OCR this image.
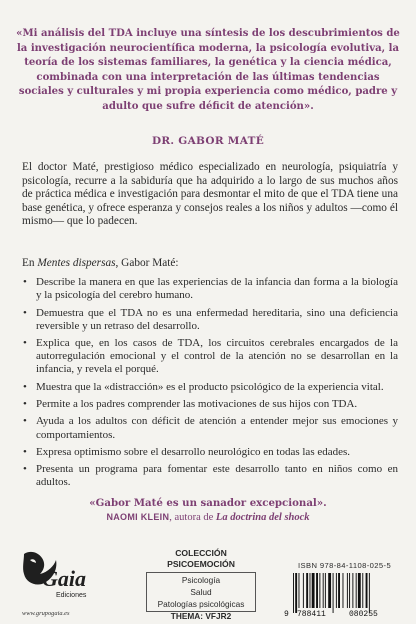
«Mi análisis del TDA incluye una síntesis de los descubrimientos de la investigación neurocientífica moderna, la psicología evolutiva, la teoría de los sistemas familiares, la genética y la ciencia médica, combinada con una interpretación de las últimas tendencias sociales y culturales y mi propia experiencia como médico, padre y adulto que sufre déficit de atención».
DR. GABOR MATÉ
El doctor Maté, prestigioso médico especializado en neurología, psiquiatría y psicología, recurre a la sabiduría que ha adquirido a lo largo de sus muchos años de práctica médica e investigación para desmontar el mito de que el TDA tiene una base genética, y ofrece esperanza y consejos reales a los niños y adultos —como él mismo— que lo padecen.
En Mentes dispersas, Gabor Maté:
• Describe la manera en que las experiencias de la infancia dan forma a la biología y la psicología del cerebro humano.
• Demuestra que el TDA no es una enfermedad hereditaria, sino una deficiencia reversible y un retraso del desarrollo.
• Explica que, en los casos de TDA, los circuitos cerebrales encargados de la autorregulación emocional y el control de la atención no se desarrollan en la infancia, y revela el porqué.
• Muestra que la «distracción» es el producto psicológico de la experiencia vital.
• Permite a los padres comprender las motivaciones de sus hijos con TDA.
• Ayuda a los adultos con déficit de atención a entender mejor sus emociones y comportamientos.
• Expresa optimismo sobre el desarrollo neurológico en todas las edades.
• Presenta un programa para fomentar este desarrollo tanto en niños como en adultos.
«Gabor Maté es un sanador excepcional».
NAOMI KLEIN, autora de La doctrina del shock
Gaia
Ediciones
www.grupogaia.es
COLECCIÓN
PSICOEMOCIÓN
Psicología
Salud
Patologías psicológicas
THEMA: VFJR2
ISBN 978-84-1108-025-5
9 788411	080255
